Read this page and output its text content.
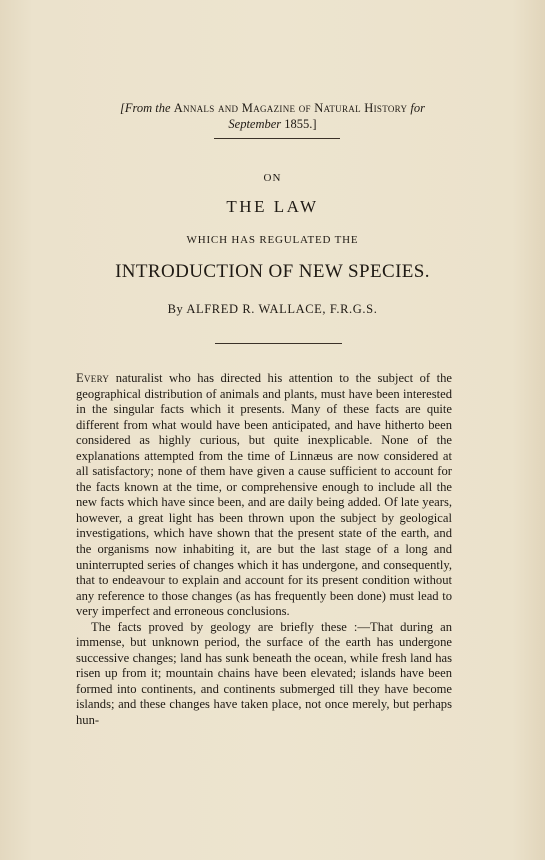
[From the Annals and Magazine of Natural History for
September 1855.]
ON
THE LAW
WHICH HAS REGULATED THE
INTRODUCTION OF NEW SPECIES.
By ALFRED R. WALLACE, F.R.G.S.

Every naturalist who has directed his attention to the subject of the geographical distribution of animals and plants, must have been interested in the singular facts which it presents. Many of these facts are quite different from what would have been anticipated, and have hitherto been considered as highly curious, but quite inexplicable. None of the explanations attempted from the time of Linnæus are now considered at all satisfactory; none of them have given a cause sufficient to account for the facts known at the time, or comprehensive enough to include all the new facts which have since been, and are daily being added. Of late years, however, a great light has been thrown upon the subject by geological investigations, which have shown that the present state of the earth, and the organisms now inhabiting it, are but the last stage of a long and uninterrupted series of changes which it has undergone, and consequently, that to endeavour to explain and account for its present condition without any reference to those changes (as has frequently been done) must lead to very imperfect and erroneous conclusions.

The facts proved by geology are briefly these :—That during an immense, but unknown period, the surface of the earth has undergone successive changes; land has sunk beneath the ocean, while fresh land has risen up from it; mountain chains have been elevated; islands have been formed into continents, and continents submerged till they have become islands; and these changes have taken place, not once merely, but perhaps hun-
